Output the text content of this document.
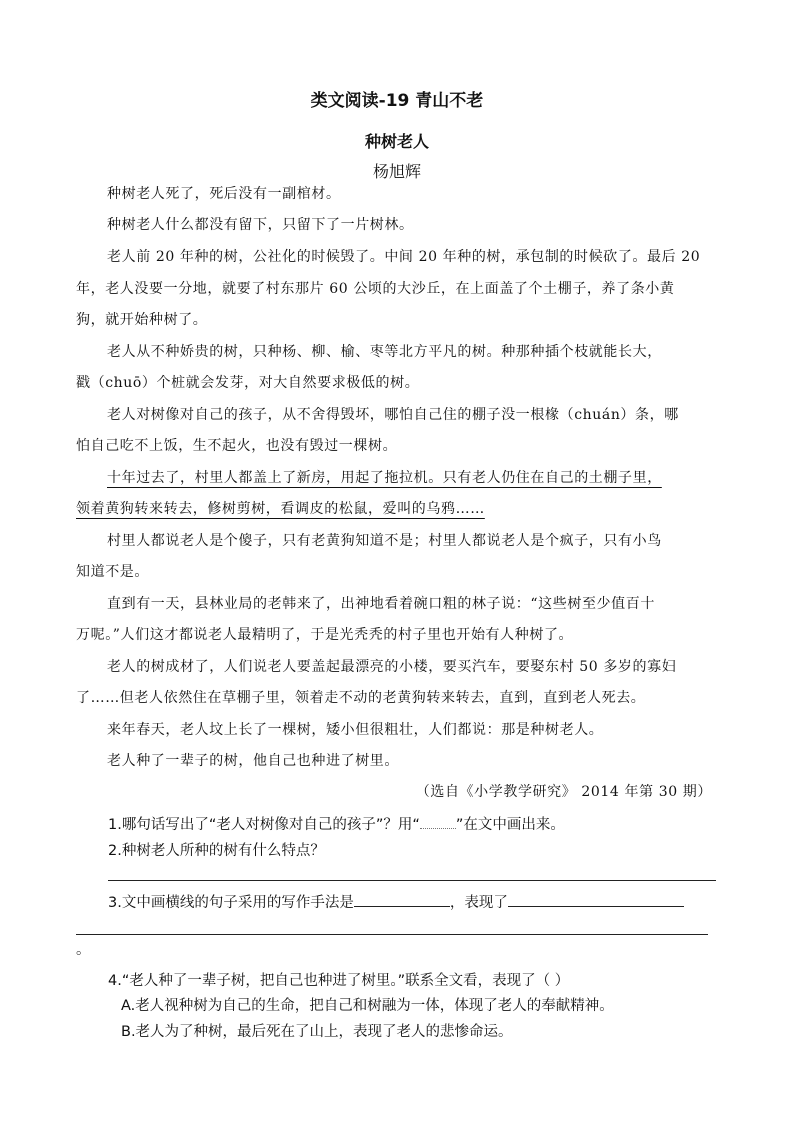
类文阅读-19 青山不老
种树老人
杨旭辉
种树老人死了，死后没有一副棺材。
种树老人什么都没有留下，只留下了一片树林。
老人前 20 年种的树，公社化的时候毁了。中间 20 年种的树，承包制的时候砍了。最后 20
年，老人没要一分地，就要了村东那片 60 公顷的大沙丘，在上面盖了个土棚子，养了条小黄
狗，就开始种树了。
老人从不种娇贵的树，只种杨、柳、榆、枣等北方平凡的树。种那种插个枝就能长大，
戳（chuō）个桩就会发芽，对大自然要求极低的树。
老人对树像对自己的孩子，从不舍得毁坏，哪怕自己住的棚子没一根椽（chuán）条，哪
怕自己吃不上饭，生不起火，也没有毁过一棵树。
十年过去了，村里人都盖上了新房，用起了拖拉机。只有老人仍住在自己的土棚子里，
领着黄狗转来转去，修树剪树，看调皮的松鼠，爱叫的乌鸦……
村里人都说老人是个傻子，只有老黄狗知道不是；村里人都说老人是个疯子，只有小鸟
知道不是。
直到有一天，县林业局的老韩来了，出神地看着碗口粗的林子说：“这些树至少值百十
万呢。”人们这才都说老人最精明了，于是光秃秃的村子里也开始有人种树了。
老人的树成材了，人们说老人要盖起最漂亮的小楼，要买汽车，要娶东村 50 多岁的寡妇
了……但老人依然住在草棚子里，领着走不动的老黄狗转来转去，直到，直到老人死去。
来年春天，老人坟上长了一棵树，矮小但很粗壮，人们都说：那是种树老人。
老人种了一辈子的树，他自己也种进了树里。
（选自《小学教学研究》 2014 年第 30 期）
1.哪句话写出了“老人对树像对自己的孩子”？用“ ”在文中画出来。
2.种树老人所种的树有什么特点？
3.文中画横线的句子采用的写作手法是	，表现了
。
4.“老人种了一辈子树，把自己也种进了树里。”联系全文看，表现了（ ）
A.老人视种树为自己的生命，把自己和树融为一体，体现了老人的奉献精神。
B.老人为了种树，最后死在了山上，表现了老人的悲惨命运。
